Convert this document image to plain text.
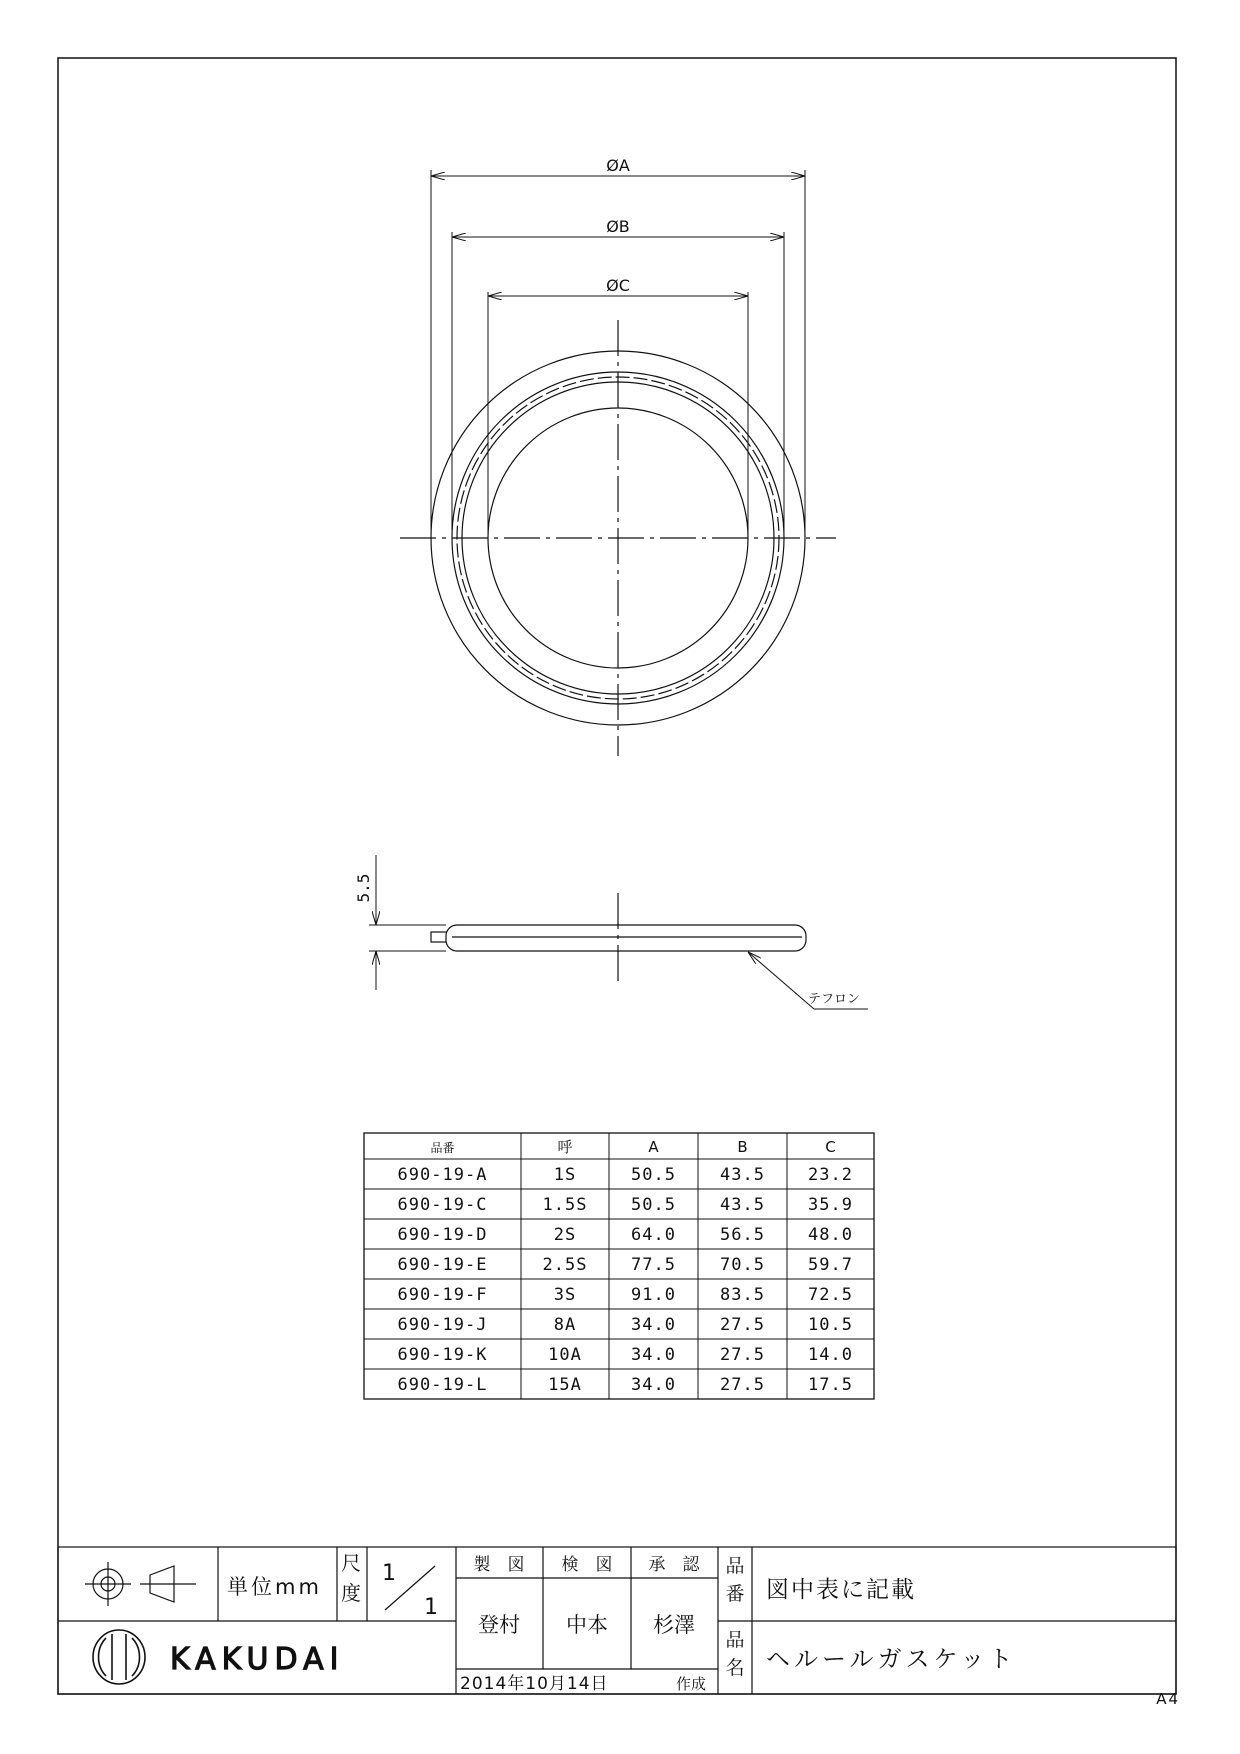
ØA
ØB
ØC
5.5
テフロン
品番	呼	A	B	C
690-19-A	1S	50.5	43.5	23.2
690-19-C	1.5S	50.5	43.5	35.9
690-19-D	2S	64.0	56.5	48.0
690-19-E	2.5S	77.5	70.5	59.7
690-19-F	3S	91.0	83.5	72.5
690-19-J	8A	34.0	27.5	10.5
690-19-K	10A	34.0	27.5	14.0
690-19-L	15A	34.0	27.5	17.5
単位mm
尺
度
1
1
製　図 検　図 承　認
登村 中本 杉澤
品
番 図中表に記載
品
名 ヘルールガスケット
KAKUDAI
2014年10月14日	作成
A4
